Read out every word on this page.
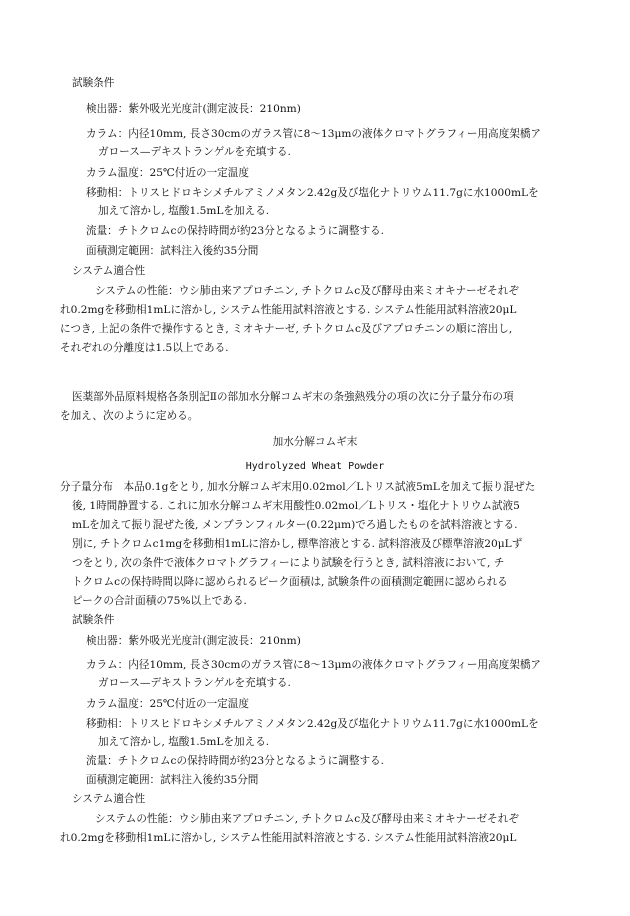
試験条件
検出器：紫外吸光光度計(測定波長：210nm)
カラム：内径10mm, 長さ30cmのガラス管に8～13μmの液体クロマトグラフィー用高度架橋ア
ガロース—デキストランゲルを充填する.
カラム温度：25℃付近の一定温度
移動相：トリスヒドロキシメチルアミノメタン2.42g及び塩化ナトリウム11.7gに水1000mLを
加えて溶かし, 塩酸1.5mLを加える.
流量：チトクロムcの保持時間が約23分となるように調整する.
面積測定範囲：試料注入後約35分間
システム適合性
システムの性能：ウシ肺由来アプロチニン, チトクロムc及び酵母由来ミオキナーゼそれぞ
れ0.2mgを移動相1mLに溶かし, システム性能用試料溶液とする. システム性能用試料溶液20μL
につき, 上記の条件で操作するとき, ミオキナーゼ, チトクロムc及びアプロチニンの順に溶出し,
それぞれの分離度は1.5以上である.
医薬部外品原料規格各条別記Ⅱの部加水分解コムギ末の条強熱残分の項の次に分子量分布の項
を加え、次のように定める。
加水分解コムギ末
Hydrolyzed Wheat Powder
分子量分布　本品0.1gをとり, 加水分解コムギ末用0.02mol／Lトリス試液5mLを加えて振り混ぜた
後, 1時間静置する. これに加水分解コムギ末用酸性0.02mol／Lトリス・塩化ナトリウム試液5
mLを加えて振り混ぜた後, メンブランフィルター(0.22μm)でろ過したものを試料溶液とする.
別に, チトクロムc1mgを移動相1mLに溶かし, 標準溶液とする. 試料溶液及び標準溶液20μLず
つをとり, 次の条件で液体クロマトグラフィーにより試験を行うとき, 試料溶液において, チ
トクロムcの保持時間以降に認められるピーク面積は, 試験条件の面積測定範囲に認められる
ピークの合計面積の75%以上である.
試験条件
検出器：紫外吸光光度計(測定波長：210nm)
カラム：内径10mm, 長さ30cmのガラス管に8～13μmの液体クロマトグラフィー用高度架橋ア
ガロース—デキストランゲルを充填する.
カラム温度：25℃付近の一定温度
移動相：トリスヒドロキシメチルアミノメタン2.42g及び塩化ナトリウム11.7gに水1000mLを
加えて溶かし, 塩酸1.5mLを加える.
流量：チトクロムcの保持時間が約23分となるように調整する.
面積測定範囲：試料注入後約35分間
システム適合性
システムの性能：ウシ肺由来アプロチニン, チトクロムc及び酵母由来ミオキナーゼそれぞ
れ0.2mgを移動相1mLに溶かし, システム性能用試料溶液とする. システム性能用試料溶液20μL
